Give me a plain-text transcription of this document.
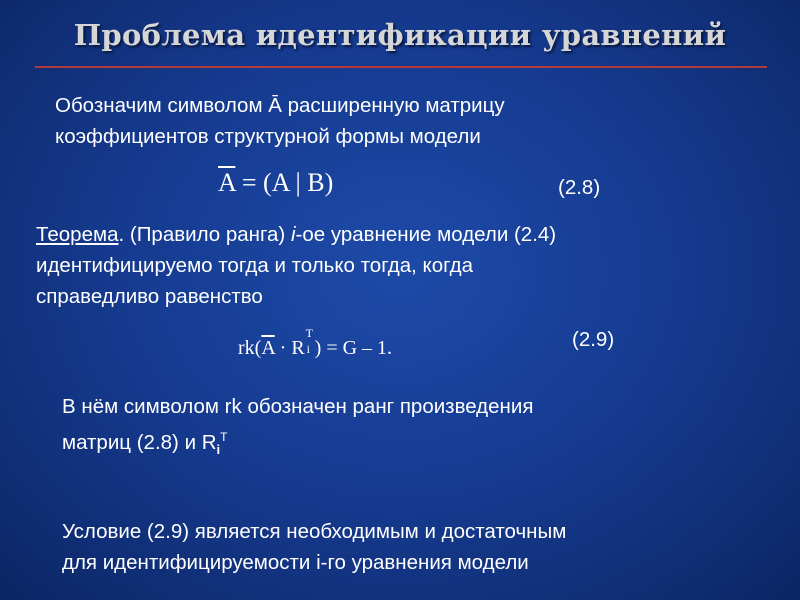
Проблема идентификации уравнений

Обозначим символом Ā расширенную матрицу
коэффициентов структурной формы модели

$\overline{A} = (A$ | B)	(2.8)

Теорема. (Правило ранга) i-ое уравнение модели (2.4)
идентифицируемо тогда и только тогда, когда
справедливо равенство

$rk(\overline{A} \cdot R$
T
i ) = G – 1.	(2.9)

В нём символом rk обозначен ранг произведения
матриц (2.8) и $R_i^T$

Условие (2.9) является необходимым и достаточным
для идентифицируемости i-го уравнения модели
